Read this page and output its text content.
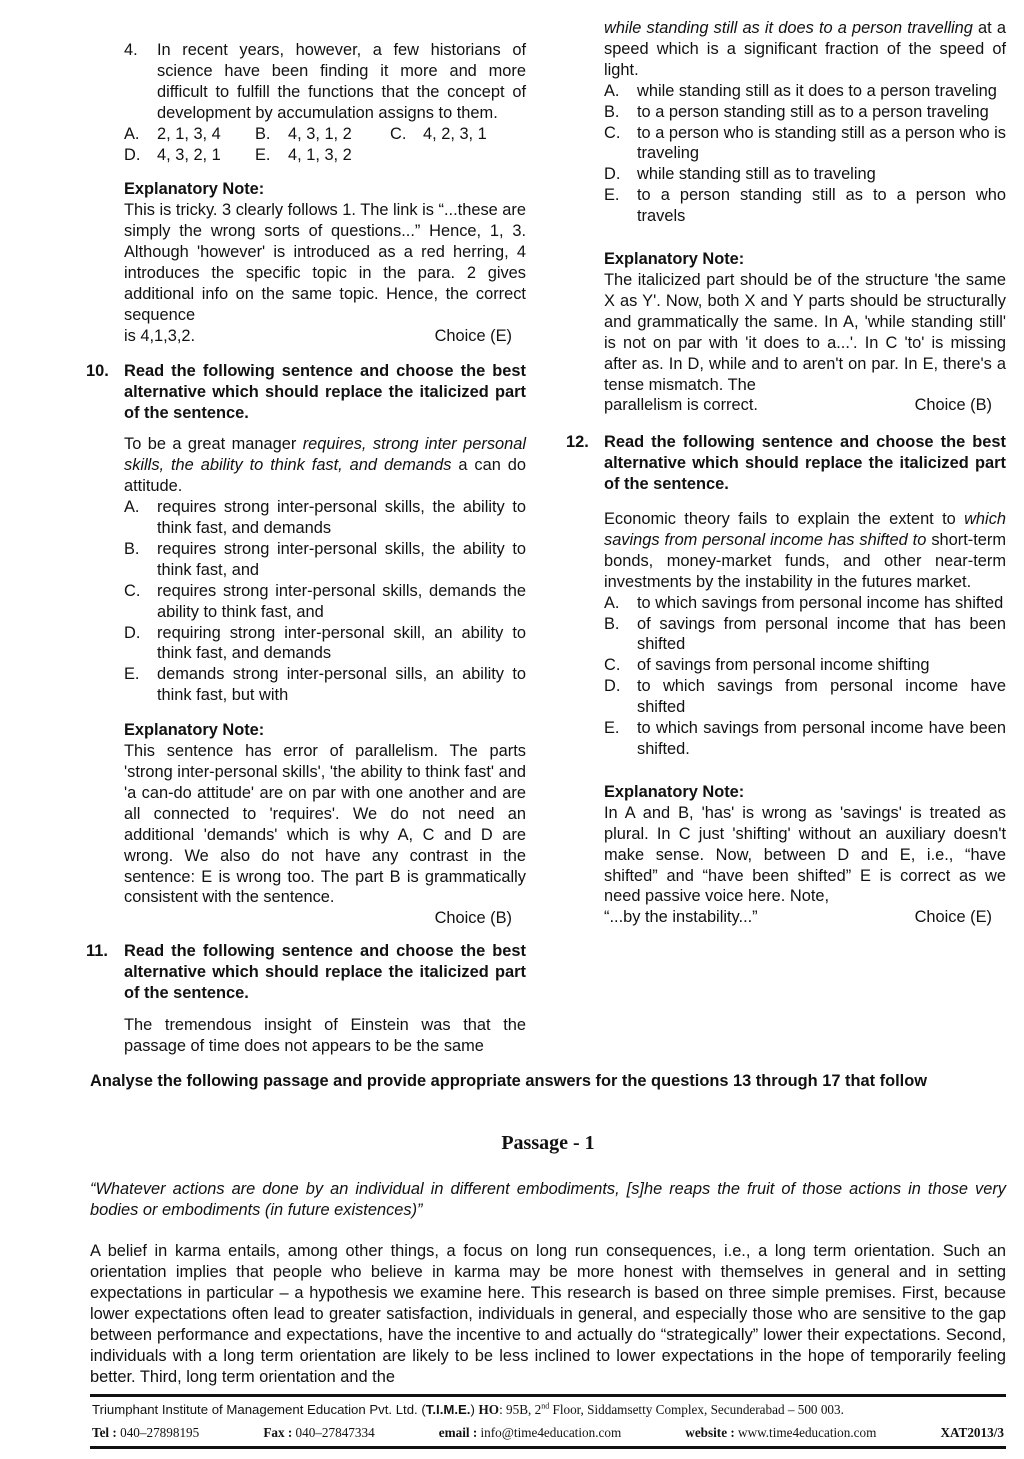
4. In recent years, however, a few historians of science have been finding it more and more difficult to fulfill the functions that the concept of development by accumulation assigns to them.
A.	2, 1, 3, 4	B.	4, 3, 1, 2	C.	4, 2, 3, 1
D.	4, 3, 2, 1	E.	4, 1, 3, 2
Explanatory Note:
This is tricky. 3 clearly follows 1. The link is “...these are simply the wrong sorts of questions...” Hence, 1, 3. Although 'however' is introduced as a red herring, 4 introduces the specific topic in the para. 2 gives additional info on the same topic. Hence, the correct sequence
is 4,1,3,2.	Choice (E)
10. Read the following sentence and choose the best alternative which should replace the italicized part of the sentence.
To be a great manager requires, strong inter personal skills, the ability to think fast, and demands a can do attitude.
A. requires strong inter-personal skills, the ability to think fast, and demands
B. requires strong inter-personal skills, the ability to think fast, and
C. requires strong inter-personal skills, demands the ability to think fast, and
D. requiring strong inter-personal skill, an ability to think fast, and demands
E. demands strong inter-personal sills, an ability to think fast, but with
Explanatory Note:
This sentence has error of parallelism. The parts 'strong inter-personal skills', 'the ability to think fast' and 'a can-do attitude' are on par with one another and are all connected to 'requires'. We do not need an additional 'demands' which is why A, C and D are wrong. We also do not have any contrast in the sentence: E is wrong too. The part B is grammatically consistent with the sentence.
Choice (B)
11. Read the following sentence and choose the best alternative which should replace the italicized part of the sentence.
The tremendous insight of Einstein was that the passage of time does not appears to be the same
while standing still as it does to a person travelling at a speed which is a significant fraction of the speed of light.
A. while standing still as it does to a person traveling
B. to a person standing still as to a person traveling
C. to a person who is standing still as a person who is traveling
D. while standing still as to traveling
E. to a person standing still as to a person who travels
Explanatory Note:
The italicized part should be of the structure 'the same X as Y'. Now, both X and Y parts should be structurally and grammatically the same. In A, 'while standing still' is not on par with 'it does to a...'. In C 'to' is missing after as. In D, while and to aren't on par. In E, there's a tense mismatch. The
parallelism is correct.	Choice (B)
12. Read the following sentence and choose the best alternative which should replace the italicized part of the sentence.
Economic theory fails to explain the extent to which savings from personal income has shifted to short-term bonds, money-market funds, and other near-term investments by the instability in the futures market.
A. to which savings from personal income has shifted
B. of savings from personal income that has been shifted
C. of savings from personal income shifting
D. to which savings from personal income have shifted
E. to which savings from personal income have been shifted.
Explanatory Note:
In A and B, 'has' is wrong as 'savings' is treated as plural. In C just 'shifting' without an auxiliary doesn't make sense. Now, between D and E, i.e., “have shifted” and “have been shifted” E is correct as we need passive voice here. Note,
“...by the instability...”	Choice (E)
Analyse the following passage and provide appropriate answers for the questions 13 through 17 that follow
Passage - 1
“Whatever actions are done by an individual in different embodiments, [s]he reaps the fruit of those actions in those very bodies or embodiments (in future existences)”
A belief in karma entails, among other things, a focus on long run consequences, i.e., a long term orientation. Such an orientation implies that people who believe in karma may be more honest with themselves in general and in setting expectations in particular – a hypothesis we examine here. This research is based on three simple premises. First, because lower expectations often lead to greater satisfaction, individuals in general, and especially those who are sensitive to the gap between performance and expectations, have the incentive to and actually do “strategically” lower their expectations. Second, individuals with a long term orientation are likely to be less inclined to lower expectations in the hope of temporarily feeling better. Third, long term orientation and the
Triumphant Institute of Management Education Pvt. Ltd. (T.I.M.E.) HO: 95B, 2nd Floor, Siddamsetty Complex, Secunderabad – 500 003.
Tel : 040–27898195	Fax : 040–27847334	email : info@time4education.com	website : www.time4education.com	XAT2013/3
